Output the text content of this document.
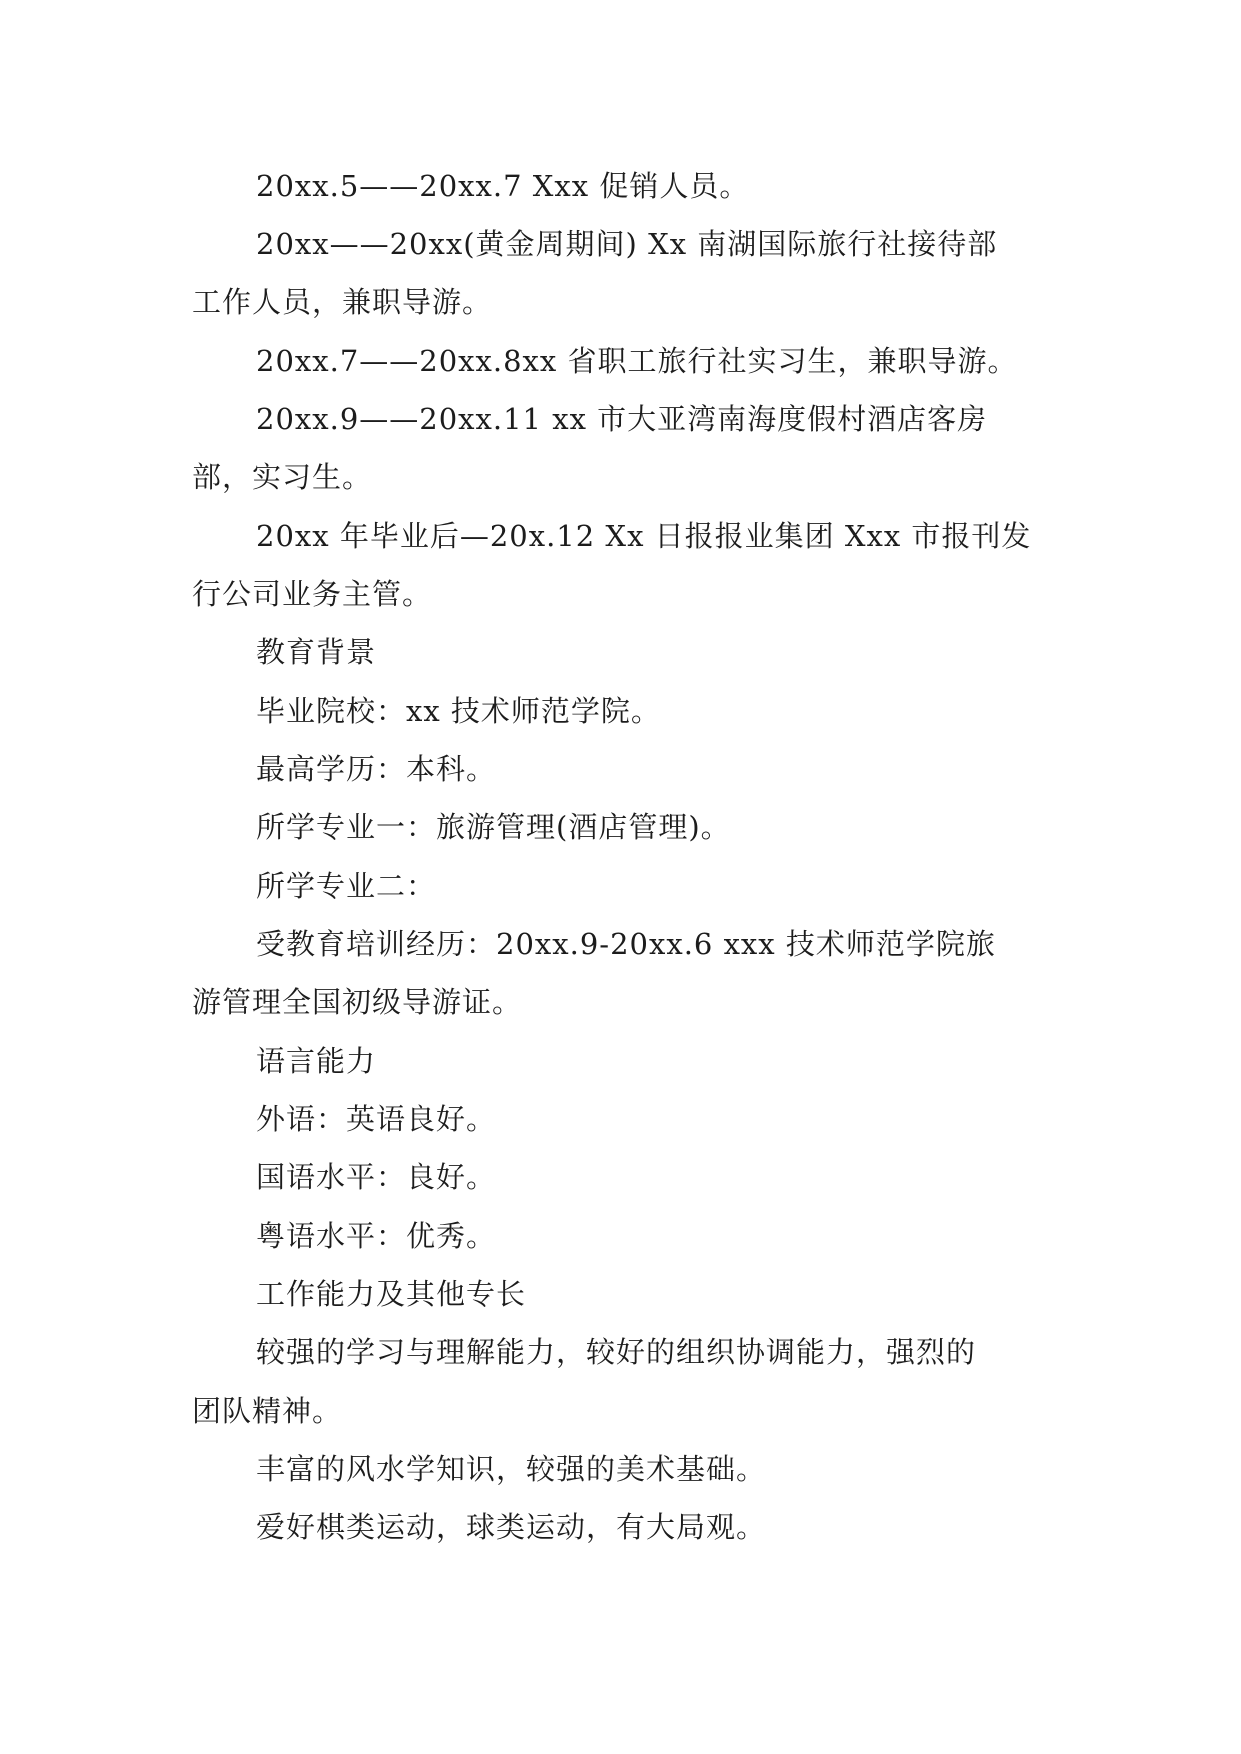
20xx.5——20xx.7 Xxx 促销人员。
20xx——20xx(黄金周期间) Xx 南湖国际旅行社接待部
工作人员，兼职导游。
20xx.7——20xx.8xx 省职工旅行社实习生，兼职导游。
20xx.9——20xx.11 xx 市大亚湾南海度假村酒店客房
部，实习生。
20xx 年毕业后—20x.12 Xx 日报报业集团 Xxx 市报刊发
行公司业务主管。
教育背景
毕业院校：xx 技术师范学院。
最高学历：本科。
所学专业一：旅游管理(酒店管理)。
所学专业二：
受教育培训经历：20xx.9-20xx.6 xxx 技术师范学院旅
游管理全国初级导游证。
语言能力
外语：英语良好。
国语水平：良好。
粤语水平：优秀。
工作能力及其他专长
较强的学习与理解能力，较好的组织协调能力，强烈的
团队精神。
丰富的风水学知识，较强的美术基础。
爱好棋类运动，球类运动，有大局观。
